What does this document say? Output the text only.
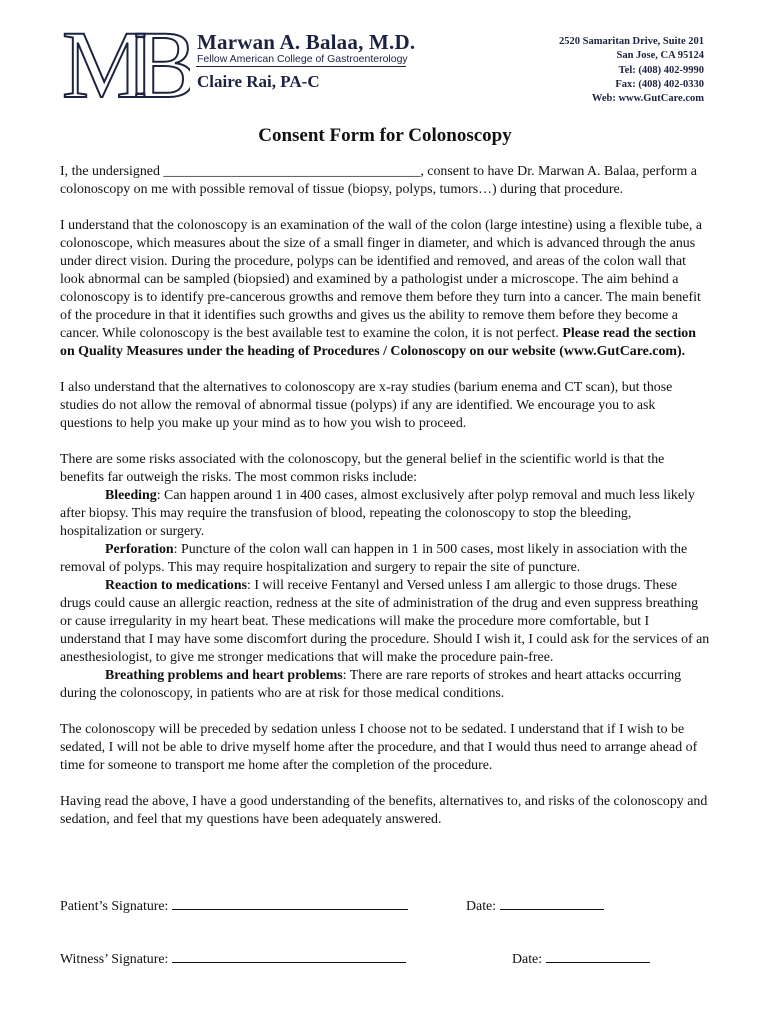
MB Marwan A. Balaa, M.D.
Fellow American College of Gastroenterology
Claire Rai, PA-C
2520 Samaritan Drive, Suite 201
San Jose, CA 95124
Tel: (408) 402-9990
Fax: (408) 402-0330
Web: www.GutCare.com
Consent Form for Colonoscopy

I, the undersigned _____________________________________, consent to have Dr. Marwan A. Balaa, perform a colonoscopy on me with possible removal of tissue (biopsy, polyps, tumors…) during that procedure.

I understand that the colonoscopy is an examination of the wall of the colon (large intestine) using a flexible tube, a colonoscope, which measures about the size of a small finger in diameter, and which is advanced through the anus under direct vision. During the procedure, polyps can be identified and removed, and areas of the colon wall that look abnormal can be sampled (biopsied) and examined by a pathologist under a microscope. The aim behind a colonoscopy is to identify pre-cancerous growths and remove them before they turn into a cancer. The main benefit of the procedure in that it identifies such growths and gives us the ability to remove them before they become a cancer. While colonoscopy is the best available test to examine the colon, it is not perfect. Please read the section on Quality Measures under the heading of Procedures / Colonoscopy on our website (www.GutCare.com).

I also understand that the alternatives to colonoscopy are x-ray studies (barium enema and CT scan), but those studies do not allow the removal of abnormal tissue (polyps) if any are identified. We encourage you to ask questions to help you make up your mind as to how you wish to proceed.

There are some risks associated with the colonoscopy, but the general belief in the scientific world is that the benefits far outweigh the risks. The most common risks include:

Bleeding: Can happen around 1 in 400 cases, almost exclusively after polyp removal and much less likely after biopsy. This may require the transfusion of blood, repeating the colonoscopy to stop the bleeding, hospitalization or surgery.

Perforation: Puncture of the colon wall can happen in 1 in 500 cases, most likely in association with the removal of polyps. This may require hospitalization and surgery to repair the site of puncture.

Reaction to medications: I will receive Fentanyl and Versed unless I am allergic to those drugs. These drugs could cause an allergic reaction, redness at the site of administration of the drug and even suppress breathing or cause irregularity in my heart beat. These medications will make the procedure more comfortable, but I understand that I may have some discomfort during the procedure. Should I wish it, I could ask for the services of an anesthesiologist, to give me stronger medications that will make the procedure pain-free.

Breathing problems and heart problems: There are rare reports of strokes and heart attacks occurring during the colonoscopy, in patients who are at risk for those medical conditions.

The colonoscopy will be preceded by sedation unless I choose not to be sedated. I understand that if I wish to be sedated, I will not be able to drive myself home after the procedure, and that I would thus need to arrange ahead of time for someone to transport me home after the completion of the procedure.

Having read the above, I have a good understanding of the benefits, alternatives to, and risks of the colonoscopy and sedation, and feel that my questions have been adequately answered.

Patient’s Signature:	Date:
Witness’ Signature:	Date:
